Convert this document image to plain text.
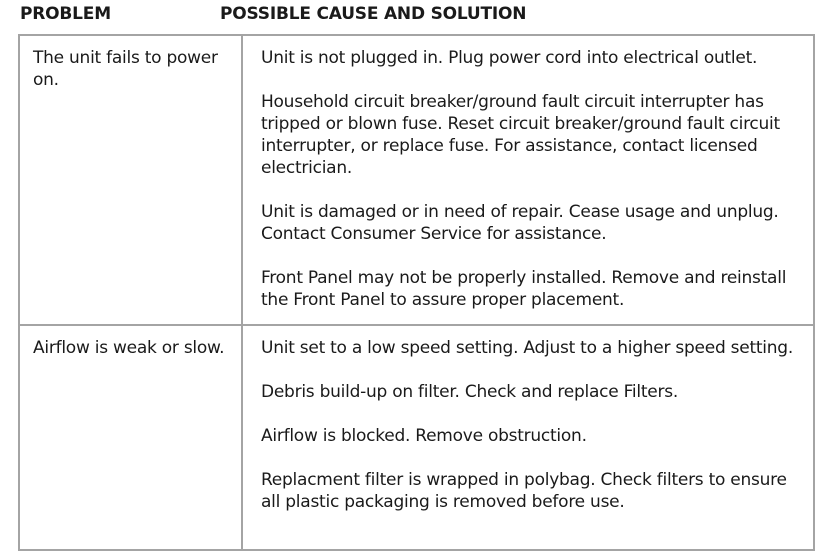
PROBLEM	POSSIBLE CAUSE AND SOLUTION
The unit fails to power on.	Unit is not plugged in. Plug power cord into electrical outlet.

Household circuit breaker/ground fault circuit interrupter has tripped or blown fuse. Reset circuit breaker/ground fault circuit interrupter, or replace fuse. For assistance, contact licensed electrician.

Unit is damaged or in need of repair. Cease usage and unplug. Contact Consumer Service for assistance.

Front Panel may not be properly installed. Remove and reinstall the Front Panel to assure proper placement.

Airflow is weak or slow.	Unit set to a low speed setting. Adjust to a higher speed setting.

Debris build-up on filter. Check and replace Filters.

Airflow is blocked. Remove obstruction.

Replacment filter is wrapped in polybag. Check filters to ensure all plastic packaging is removed before use.
